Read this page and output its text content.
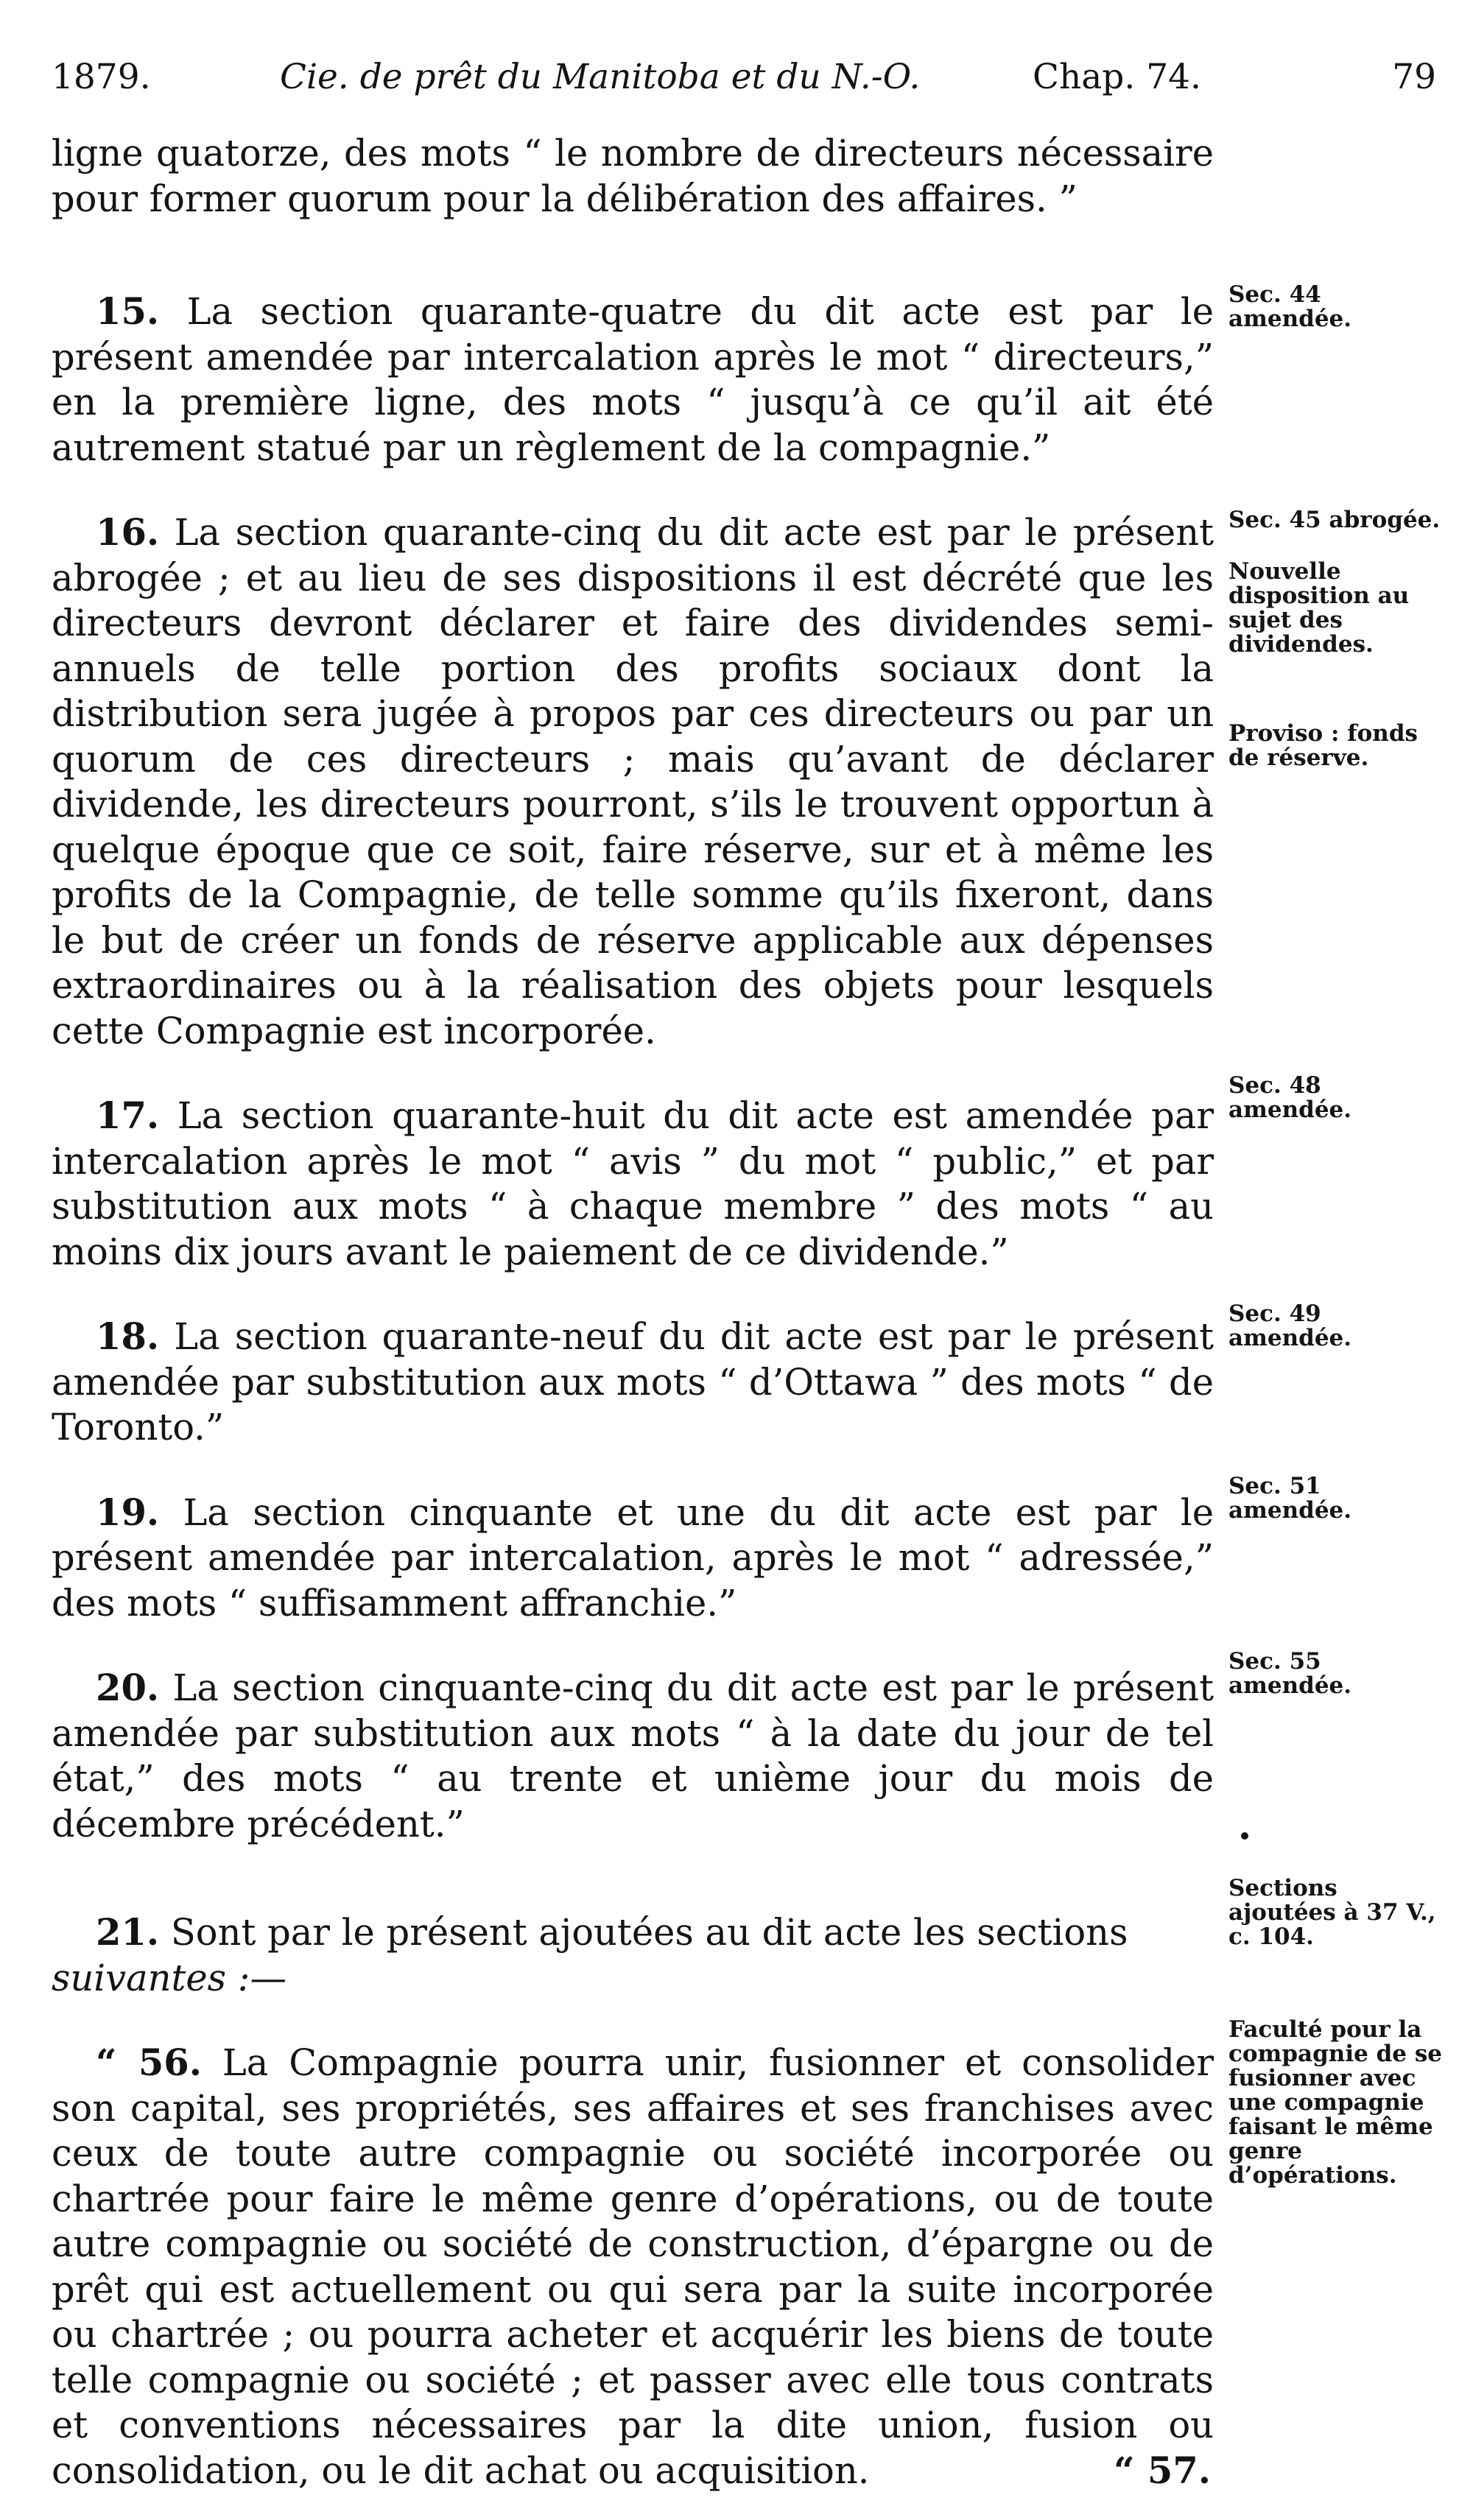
1879.	Cie. de prêt du Manitoba et du N.-O.	Chap. 74.	79

ligne quatorze, des mots “ le nombre de directeurs nécessaire pour former quorum pour la délibération des affaires. ”

15. La section quarante-quatre du dit acte est par le présent amendée par intercalation après le mot “ directeurs,” en la première ligne, des mots “ jusqu’à ce qu’il ait été autrement statué par un règlement de la compagnie.”

16. La section quarante-cinq du dit acte est par le présent abrogée ; et au lieu de ses dispositions il est décrété que les directeurs devront déclarer et faire des dividendes semi-annuels de telle portion des profits sociaux dont la distribution sera jugée à propos par ces directeurs ou par un quorum de ces directeurs ; mais qu’avant de déclarer dividende, les directeurs pourront, s’ils le trouvent opportun à quelque époque que ce soit, faire réserve, sur et à même les profits de la Compagnie, de telle somme qu’ils fixeront, dans le but de créer un fonds de réserve applicable aux dépenses extraordinaires ou à la réalisation des objets pour lesquels cette Compagnie est incorporée.

17. La section quarante-huit du dit acte est amendée par intercalation après le mot “ avis ” du mot “ public,” et par substitution aux mots “ à chaque membre ” des mots “ au moins dix jours avant le paiement de ce dividende.”

18. La section quarante-neuf du dit acte est par le présent amendée par substitution aux mots “ d’Ottawa ” des mots “ de Toronto.”

19. La section cinquante et une du dit acte est par le présent amendée par intercalation, après le mot “ adressée,” des mots “ suffisamment affranchie.”

20. La section cinquante-cinq du dit acte est par le présent amendée par substitution aux mots “ à la date du jour de tel état,” des mots “ au trente et unième jour du mois de décembre précédent.”

21. Sont par le présent ajoutées au dit acte les sections
suivantes :—

“ 56. La Compagnie pourra unir, fusionner et consolider son capital, ses propriétés, ses affaires et ses franchises avec ceux de toute autre compagnie ou société incorporée ou chartrée pour faire le même genre d’opérations, ou de toute autre compagnie ou société de construction, d’épargne ou de prêt qui est actuellement ou qui sera par la suite incorporée ou chartrée ; ou pourra acheter et acquérir les biens de toute telle compagnie ou société ; et passer avec elle tous contrats et conventions nécessaires par la dite union, fusion ou consolidation, ou le dit achat ou acquisition.	“ 57.
Sec. 44 amendée.
Sec. 45 abrogée.
Nouvelle disposition au sujet des dividendes.
Proviso : fonds de réserve.
Sec. 48 amendée.
Sec. 49 amendée.
Sec. 51 amendée.
Sec. 55 amendée.
Sections ajoutées à 37 V., c. 104.
Faculté pour la compagnie de se fusionner avec une compagnie faisant le même genre d’opérations.
